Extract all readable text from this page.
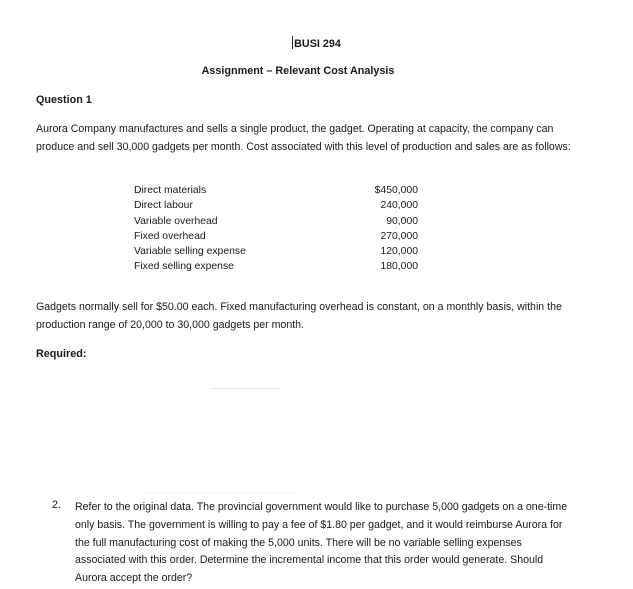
BUSI 294
Assignment – Relevant Cost Analysis
Question 1
Aurora Company manufactures and sells a single product, the gadget. Operating at capacity, the company can produce and sell 30,000 gadgets per month. Cost associated with this level of production and sales are as follows:
Direct materials	$450,000
Direct labour	240,000
Variable overhead	90,000
Fixed overhead	270,000
Variable selling expense	120,000
Fixed selling expense	180,000
Gadgets normally sell for $50.00 each. Fixed manufacturing overhead is constant, on a monthly basis, within the production range of 20,000 to 30,000 gadgets per month.
Required:
2.	Refer to the original data. The provincial government would like to purchase 5,000 gadgets on a one-time only basis. The government is willing to pay a fee of $1.80 per gadget, and it would reimburse Aurora for the full manufacturing cost of making the 5,000 units. There will be no variable selling expenses associated with this order. Determine the incremental income that this order would generate. Should Aurora accept the order?
